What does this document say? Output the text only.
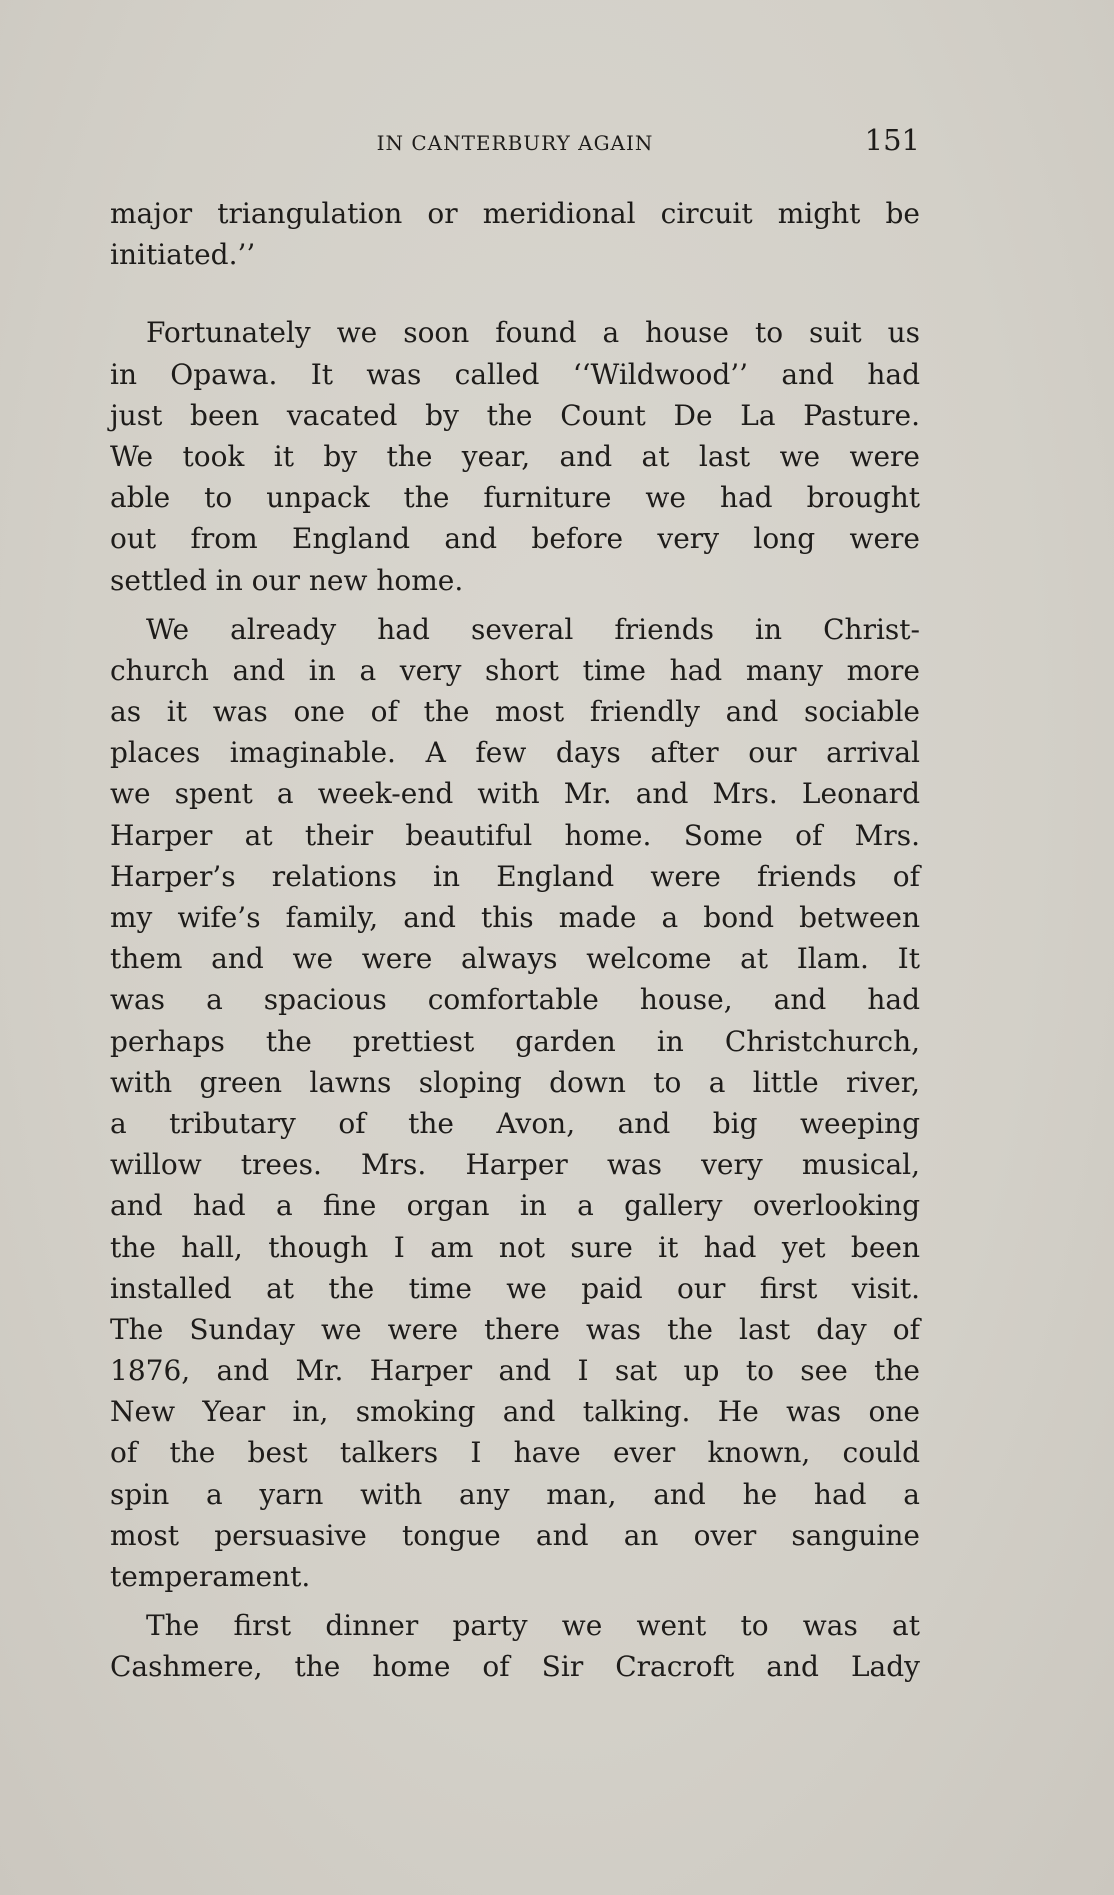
IN CANTERBURY AGAIN	151
major triangulation or meridional circuit might be
initiated.’’
Fortunately we soon found a house to suit us
in Opawa. It was called ‘‘Wildwood’’ and had
just been vacated by the Count De La Pasture.
We took it by the year, and at last we were
able to unpack the furniture we had brought
out from England and before very long were
settled in our new home.
We already had several friends in Christ-
church and in a very short time had many more
as it was one of the most friendly and sociable
places imaginable. A few days after our arrival
we spent a week-end with Mr. and Mrs. Leonard
Harper at their beautiful home. Some of Mrs.
Harper’s relations in England were friends of
my wife’s family, and this made a bond between
them and we were always welcome at Ilam. It
was a spacious comfortable house, and had
perhaps the prettiest garden in Christchurch,
with green lawns sloping down to a little river,
a tributary of the Avon, and big weeping
willow trees. Mrs. Harper was very musical,
and had a fine organ in a gallery overlooking
the hall, though I am not sure it had yet been
installed at the time we paid our first visit.
The Sunday we were there was the last day of
1876, and Mr. Harper and I sat up to see the
New Year in, smoking and talking. He was one
of the best talkers I have ever known, could
spin a yarn with any man, and he had a
most persuasive tongue and an over sanguine
temperament.
The first dinner party we went to was at
Cashmere, the home of Sir Cracroft and Lady
